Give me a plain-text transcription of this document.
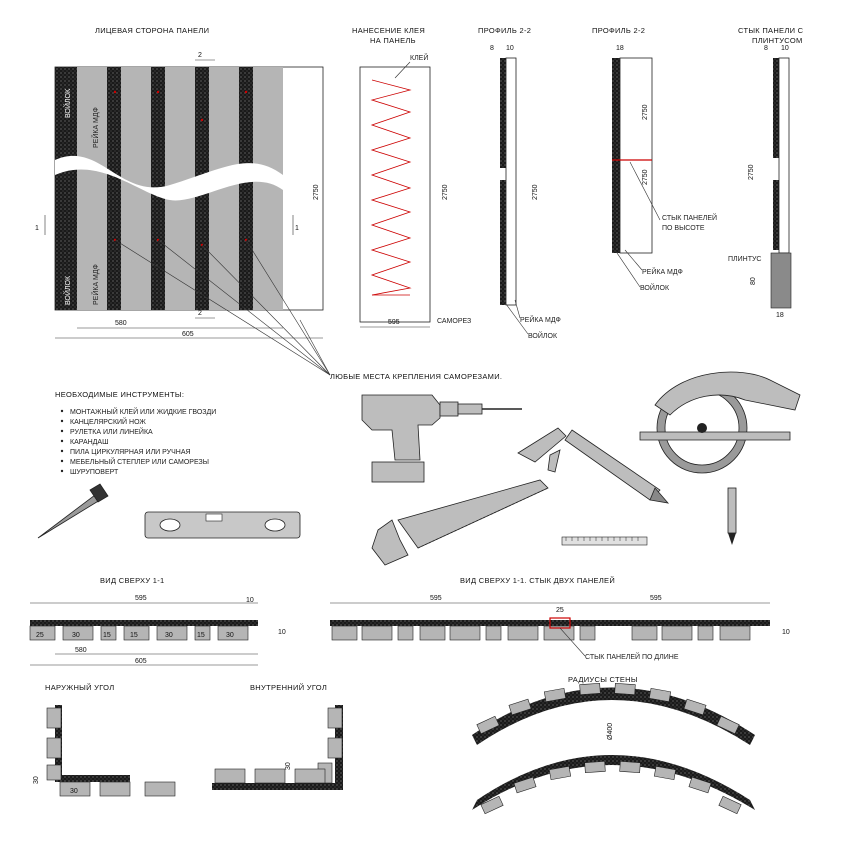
ЛИЦЕВАЯ СТОРОНА ПАНЕЛИ
ВОЙЛОК
РЕЙКА МДФ
ВОЙЛОК	РЕЙКА МДФ
2
2
1	1
2750
580
605
НАНЕСЕНИЕ КЛЕЯ
НА ПАНЕЛЬ
КЛЕЙ
2750
595	САМОРЕЗ
ПРОФИЛЬ 2-2
8 10
2750
РЕЙКА МДФ
ВОЙЛОК
ПРОФИЛЬ 2-2
18
2750
2750
СТЫК ПАНЕЛЕЙ
ПО ВЫСОТЕ
РЕЙКА МДФ
ВОЙЛОК
СТЫК ПАНЕЛИ С
ПЛИНТУСОМ
8 10
2750
ПЛИНТУС
80
18
ЛЮБЫЕ МЕСТА КРЕПЛЕНИЯ САМОРЕЗАМИ.
НЕОБХОДИМЫЕ ИНСТРУМЕНТЫ:
МОНТАЖНЫЙ КЛЕЙ ИЛИ ЖИДКИЕ ГВОЗДИ
КАНЦЕЛЯРСКИЙ НОЖ
РУЛЕТКА ИЛИ ЛИНЕЙКА
КАРАНДАШ
ПИЛА ЦИРКУЛЯРНАЯ ИЛИ РУЧНАЯ
МЕБЕЛЬНЫЙ СТЕПЛЕР ИЛИ САМОРЕЗЫ
ШУРУПОВЕРТ
ВИД СВЕРХУ 1-1
595	10
25	30	15	15	30	15	30	10
580
605
ВИД СВЕРХУ 1-1. СТЫК ДВУХ ПАНЕЛЕЙ
595	595
25
10
СТЫК ПАНЕЛЕЙ ПО ДЛИНЕ
НАРУЖНЫЙ УГОЛ
30
30
ВНУТРЕННИЙ УГОЛ
30
РАДИУСЫ СТЕНЫ
Ø400
